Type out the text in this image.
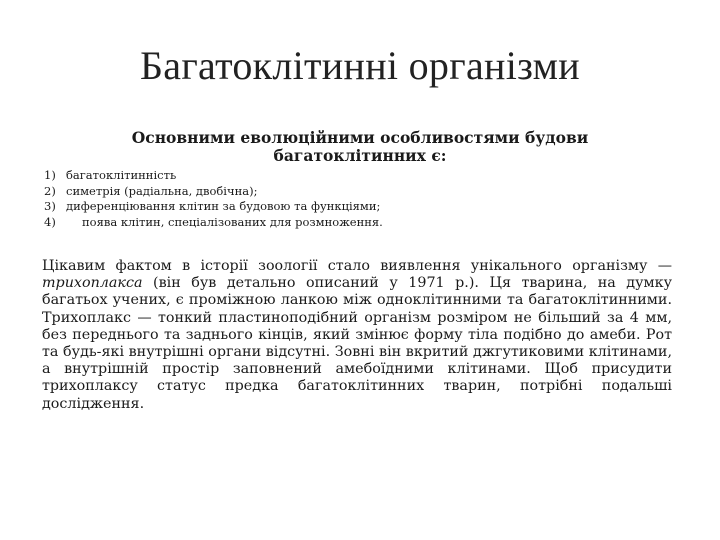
Багатоклітинні організми

Основними еволюційними особливостями будови багатоклітинних є:

1) багатоклітинність
2) симетрія (радіальна, двобічна);
3) диференціювання клітин за будовою та функціями;
4)	поява клітин, спеціалізованих для розмноження.

Цікавим фактом в історії зоології стало виявлення унікального організму — трихоплакса (він був детально описаний у 1971 р.). Ця тварина, на думку багатьох учених, є проміжною ланкою між одноклітинними та багатоклітинними. Трихоплакс — тонкий пластиноподібний організм розміром не більший за 4 мм, без переднього та заднього кінців, який змінює форму тіла подібно до амеби. Рот та будь-які внутрішні органи відсутні. Зовні він вкритий джгутиковими клітинами, а внутрішній простір заповнений амебоїдними клітинами. Щоб присудити трихоплаксу статус предка багатоклітинних тварин, потрібні подальші дослідження.
